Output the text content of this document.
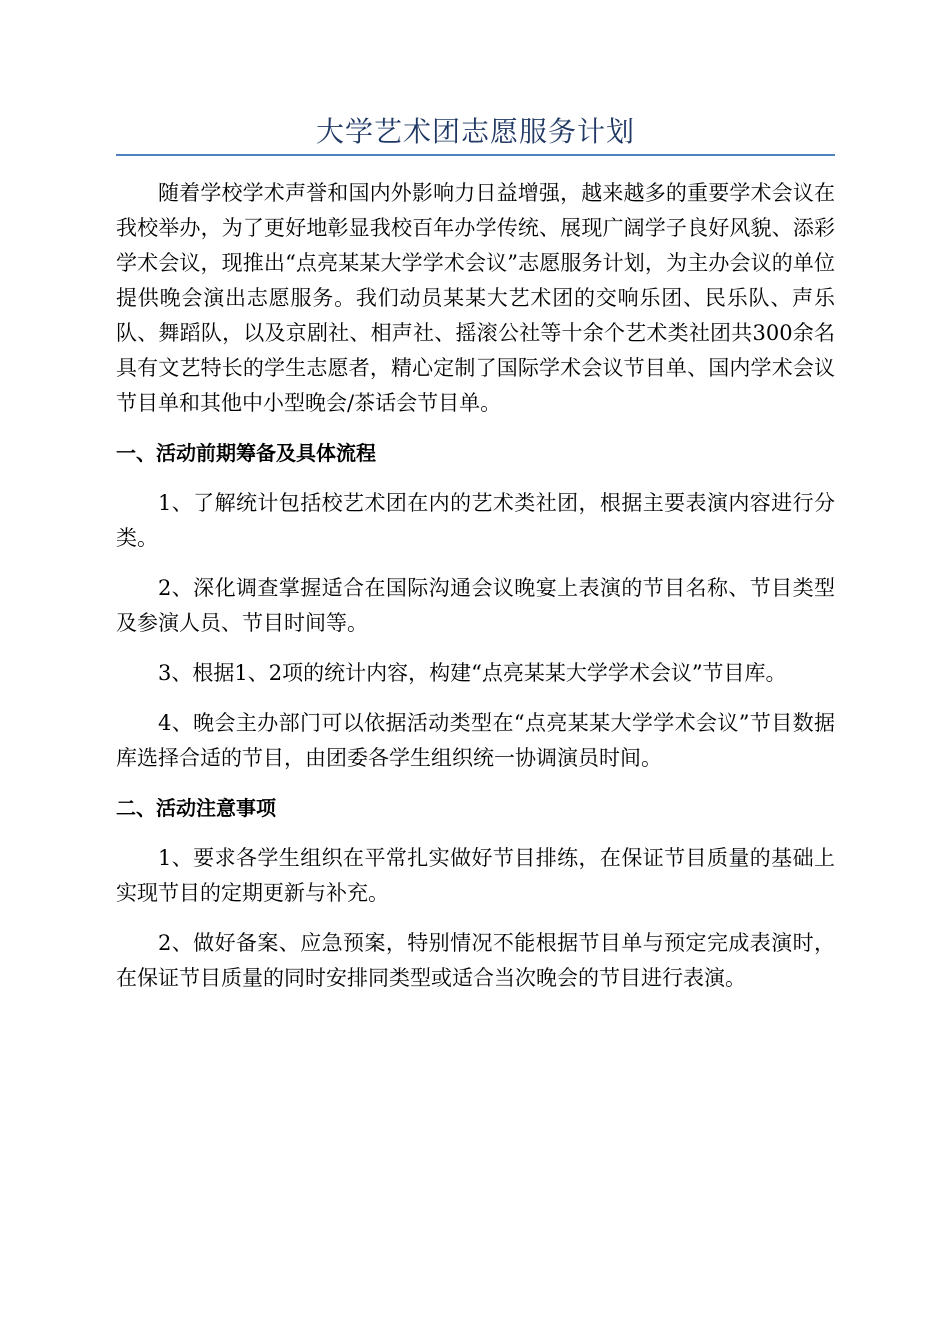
大学艺术团志愿服务计划

随着学校学术声誉和国内外影响力日益增强，越来越多的重要学术会议在我校举办，为了更好地彰显我校百年办学传统、展现广阔学子良好风貌、添彩学术会议，现推出“点亮某某大学学术会议”志愿服务计划，为主办会议的单位提供晚会演出志愿服务。我们动员某某大艺术团的交响乐团、民乐队、声乐队、舞蹈队，以及京剧社、相声社、摇滚公社等十余个艺术类社团共300余名具有文艺特长的学生志愿者，精心定制了国际学术会议节目单、国内学术会议节目单和其他中小型晚会/茶话会节目单。

一、活动前期筹备及具体流程

1、了解统计包括校艺术团在内的艺术类社团，根据主要表演内容进行分类。

2、深化调查掌握适合在国际沟通会议晚宴上表演的节目名称、节目类型及参演人员、节目时间等。

3、根据1、2项的统计内容，构建“点亮某某大学学术会议”节目库。

4、晚会主办部门可以依据活动类型在“点亮某某大学学术会议”节目数据库选择合适的节目，由团委各学生组织统一协调演员时间。

二、活动注意事项

1、要求各学生组织在平常扎实做好节目排练，在保证节目质量的基础上实现节目的定期更新与补充。

2、做好备案、应急预案，特别情况不能根据节目单与预定完成表演时，在保证节目质量的同时安排同类型或适合当次晚会的节目进行表演。
